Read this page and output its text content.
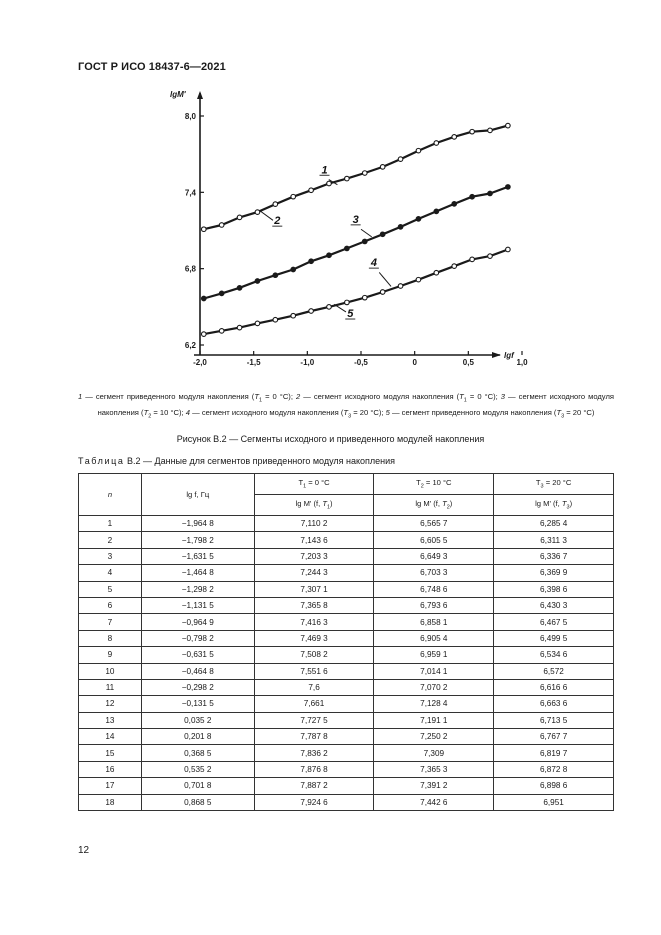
ГОСТ Р ИСО 18437-6—2021
6,2
6,8
7,4
8,0
-2,0	-1,5	-1,0	-0,5	0	0,5	1,0
lgM'
lgf
1
2	3
4
5
1 — сегмент приведенного модуля накопления ($T_1 = 0$ °C); 2 — сегмент исходного модуля накопления ($T_1 = 0$ °C); 3 — сегмент исходного модуля накопления ($T_2 = 10$ °C); 4 — сегмент исходного модуля накопления ($T_3 = 20$ °C); 5 — сегмент приведенного модуля накопления ($T_3 = 20$ °C)
Рисунок В.2 — Сегменты исходного и приведенного модулей накопления
Таблица В.2 — Данные для сегментов приведенного модуля накопления
n	lg f, Гц	$T_1 = 0$ °C	$T_2 = 10$ °C	$T_3 = 20$ °C
		lg M' (f, $T_1$)	lg M' (f, $T_2$)	lg M' (f, $T_3$)
1	−1,964 8	7,110 2	6,565 7	6,285 4
2	−1,798 2	7,143 6	6,605 5	6,311 3
3	−1,631 5	7,203 3	6,649 3	6,336 7
4	−1,464 8	7,244 3	6,703 3	6,369 9
5	−1,298 2	7,307 1	6,748 6	6,398 6
6	−1,131 5	7,365 8	6,793 6	6,430 3
7	−0,964 9	7,416 3	6,858 1	6,467 5
8	−0,798 2	7,469 3	6,905 4	6,499 5
9	−0,631 5	7,508 2	6,959 1	6,534 6
10	−0,464 8	7,551 6	7,014 1	6,572
11	−0,298 2	7,6	7,070 2	6,616 6
12	−0,131 5	7,661	7,128 4	6,663 6
13	0,035 2	7,727 5	7,191 1	6,713 5
14	0,201 8	7,787 8	7,250 2	6,767 7
15	0,368 5	7,836 2	7,309	6,819 7
16	0,535 2	7,876 8	7,365 3	6,872 8
17	0,701 8	7,887 2	7,391 2	6,898 6
18	0,868 5	7,924 6	7,442 6	6,951
12
